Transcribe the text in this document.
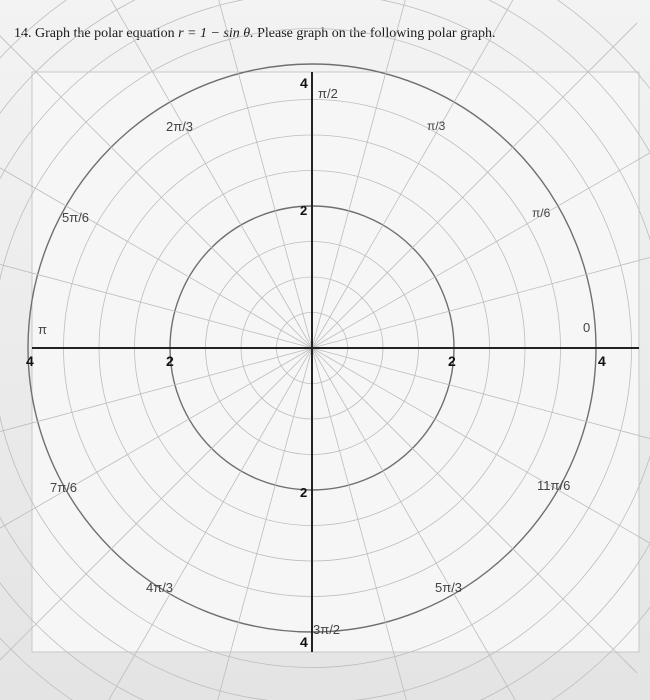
14. Graph the polar equation r = 1 − sin θ. Please graph on the following polar graph.
0
π/6
π/3
π/2
2π/3
5π/6
π
7π/6
4π/3
3π/2
5π/3
11π/6
4
2
2
4
4	2	2	4
